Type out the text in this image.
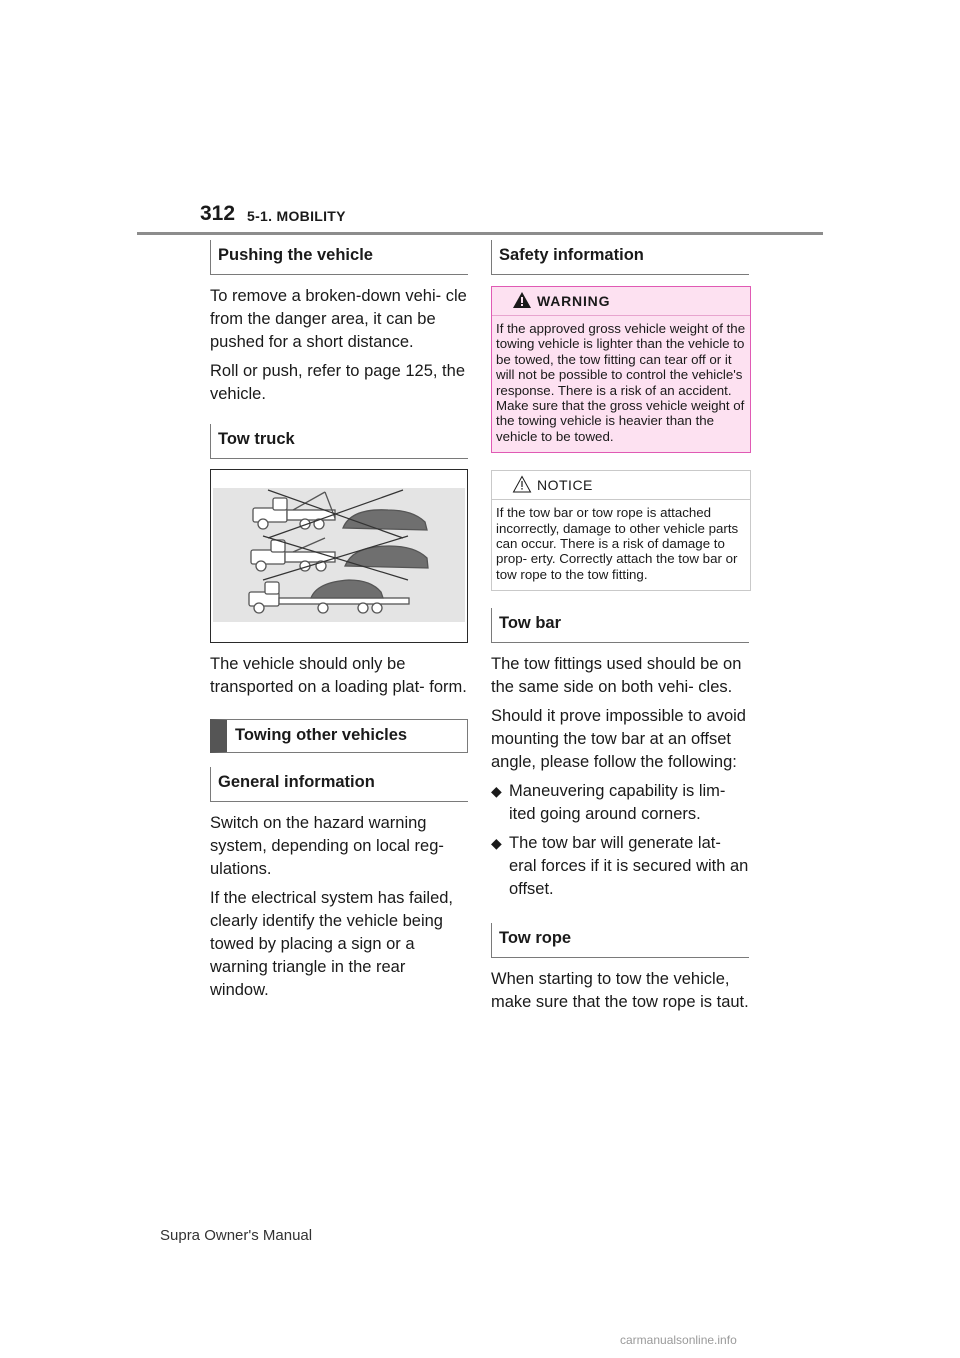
312 5-1. MOBILITY
Pushing the vehicle

To remove a broken-down vehi- cle from the danger area, it can be pushed for a short distance.

Roll or push, refer to page 125, the vehicle.

Tow truck

The vehicle should only be transported on a loading plat- form.

Towing other vehicles
General information

Switch on the hazard warning system, depending on local reg- ulations.

If the electrical system has failed, clearly identify the vehicle being towed by placing a sign or a warning triangle in the rear window.

Safety information
WARNING
If the approved gross vehicle weight of the towing vehicle is lighter than the vehicle to be towed, the tow fitting can tear off or it will not be possible to control the vehicle's response. There is a risk of an accident. Make sure that the gross vehicle weight of the towing vehicle is heavier than the vehicle to be towed.
NOTICE
If the tow bar or tow rope is attached incorrectly, damage to other vehicle parts can occur. There is a risk of damage to prop- erty. Correctly attach the tow bar or tow rope to the tow fitting.
Tow bar

The tow fittings used should be on the same side on both vehi- cles.

Should it prove impossible to avoid mounting the tow bar at an offset angle, please follow the following:

◆ Maneuvering capability is lim- ited going around corners.
◆ The tow bar will generate lat- eral forces if it is secured with an offset.
Tow rope

When starting to tow the vehicle, make sure that the tow rope is taut.

Supra Owner's Manual
carmanualsonline.info
